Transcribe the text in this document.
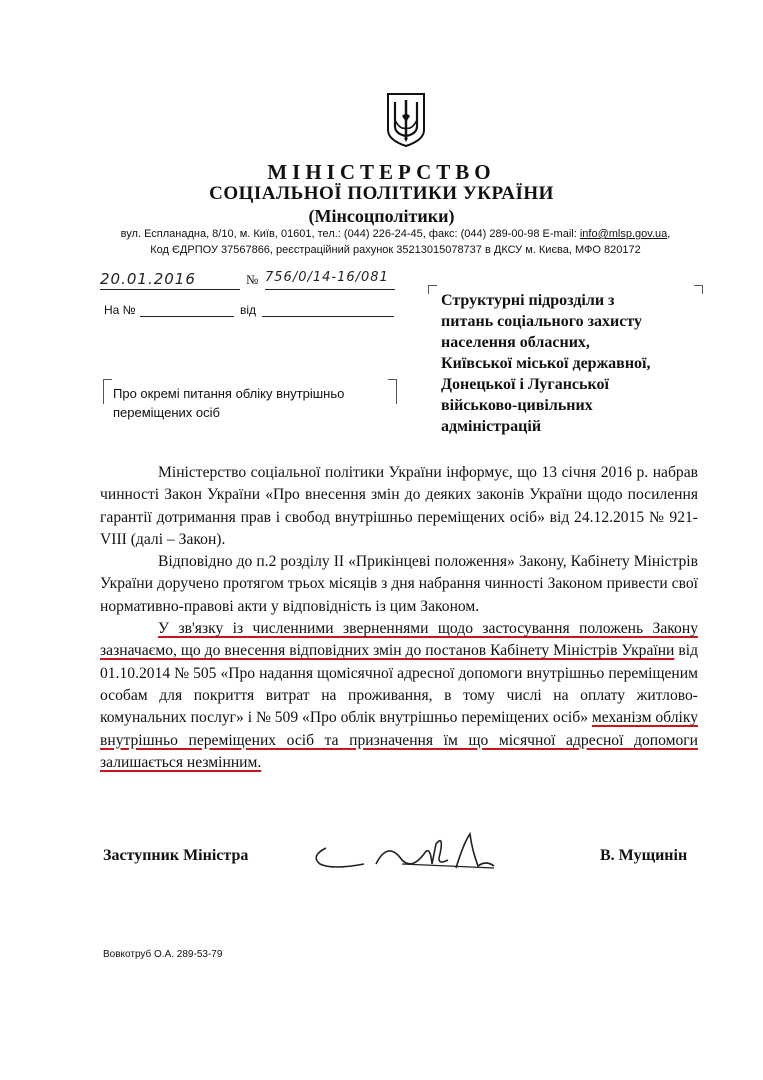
МІНІСТЕРСТВО
СОЦІАЛЬНОЇ ПОЛІТИКИ УКРАЇНИ
(Мінсоцполітики)
вул. Еспланадна, 8/10, м. Київ, 01601, тел.: (044) 226-24-45, факс: (044) 289-00-98 E-mail: info@mlsp.gov.ua,
Код ЄДРПОУ 37567866, реєстраційний рахунок 35213015078737 в ДКСУ м. Києва, МФО 820172
20.01.2016	№ 756/0/14-16/081
На №	від
Структурні підрозділи з
питань соціального захисту
населення обласних,
Київської міської державної,
Донецької і Луганської
військово-цивільних
адміністрацій
Про окремі питання обліку внутрішньо переміщених осіб

Міністерство соціальної політики України інформує, що 13 січня 2016 р. набрав чинності Закон України «Про внесення змін до деяких законів України щодо посилення гарантії дотримання прав і свобод внутрішньо переміщених осіб» від 24.12.2015 № 921- VIII (далі – Закон).

Відповідно до п.2 розділу II «Прикінцеві положення» Закону, Кабінету Міністрів України доручено протягом трьох місяців з дня набрання чинності Законом привести свої нормативно-правові акти у відповідність із цим Законом.

У зв'язку із численними зверненнями щодо застосування положень Закону зазначаємо, що до внесення відповідних змін до постанов Кабінету Міністрів України від 01.10.2014 № 505 «Про надання щомісячної адресної допомоги внутрішньо переміщеним особам для покриття витрат на проживання, в тому числі на оплату житлово-комунальних послуг» і № 509 «Про облік внутрішньо переміщених осіб» механізм обліку внутрішньо переміщених осіб та призначення їм що місячної адресної допомоги залишається незмінним.

Заступник Міністра	В. Мущинін
Вовкотруб О.А. 289-53-79
